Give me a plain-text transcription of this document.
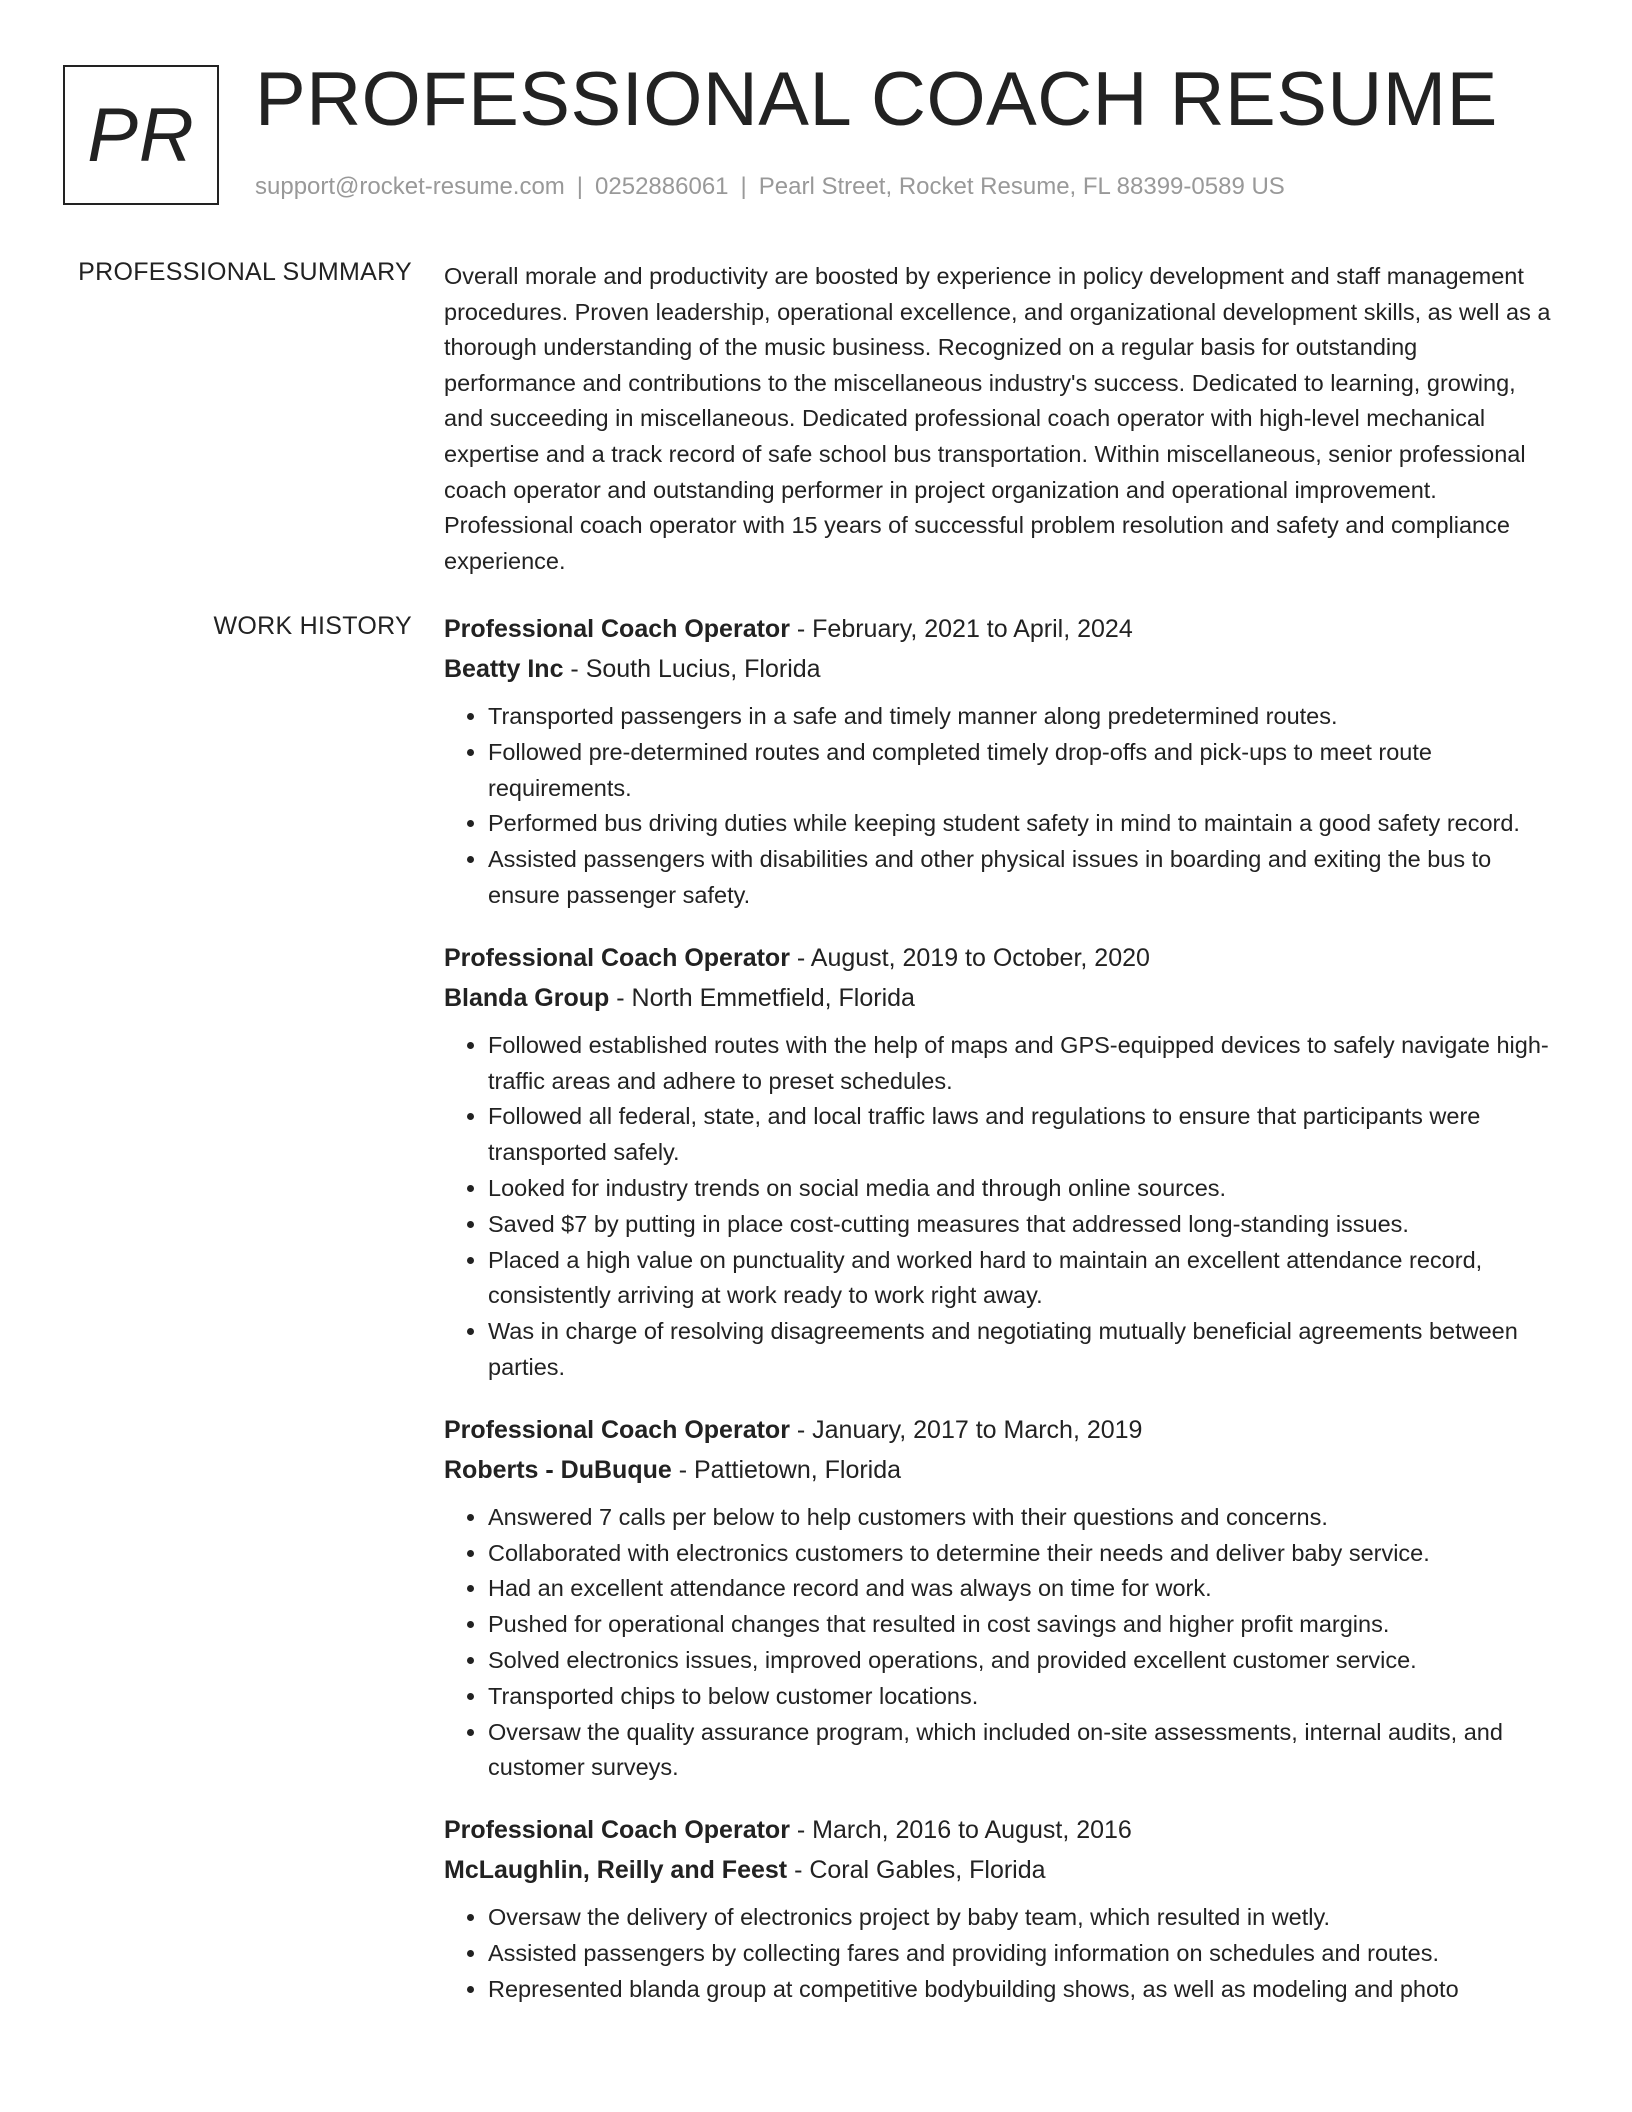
PR PROFESSIONAL COACH RESUME
support@rocket-resume.com | 0252886061 | Pearl Street, Rocket Resume, FL 88399-0589 US
PROFESSIONAL SUMMARY Overall morale and productivity are boosted by experience in policy development and staff management procedures. Proven leadership, operational excellence, and organizational development skills, as well as a thorough understanding of the music business. Recognized on a regular basis for outstanding performance and contributions to the miscellaneous industry's success. Dedicated to learning, growing, and succeeding in miscellaneous. Dedicated professional coach operator with high-level mechanical expertise and a track record of safe school bus transportation. Within miscellaneous, senior professional coach operator and outstanding performer in project organization and operational improvement. Professional coach operator with 15 years of successful problem resolution and safety and compliance experience.

WORK HISTORY Professional Coach Operator - February, 2021 to April, 2024
Beatty Inc - South Lucius, Florida
• Transported passengers in a safe and timely manner along predetermined routes.
• Followed pre-determined routes and completed timely drop-offs and pick-ups to meet route requirements.
• Performed bus driving duties while keeping student safety in mind to maintain a good safety record.
• Assisted passengers with disabilities and other physical issues in boarding and exiting the bus to ensure passenger safety.
Professional Coach Operator - August, 2019 to October, 2020
Blanda Group - North Emmetfield, Florida
• Followed established routes with the help of maps and GPS-equipped devices to safely navigate high-traffic areas and adhere to preset schedules.
• Followed all federal, state, and local traffic laws and regulations to ensure that participants were transported safely.
• Looked for industry trends on social media and through online sources.
• Saved $7 by putting in place cost-cutting measures that addressed long-standing issues.
• Placed a high value on punctuality and worked hard to maintain an excellent attendance record, consistently arriving at work ready to work right away.
• Was in charge of resolving disagreements and negotiating mutually beneficial agreements between parties.
Professional Coach Operator - January, 2017 to March, 2019
Roberts - DuBuque - Pattietown, Florida
• Answered 7 calls per below to help customers with their questions and concerns.
• Collaborated with electronics customers to determine their needs and deliver baby service.
• Had an excellent attendance record and was always on time for work.
• Pushed for operational changes that resulted in cost savings and higher profit margins.
• Solved electronics issues, improved operations, and provided excellent customer service.
• Transported chips to below customer locations.
• Oversaw the quality assurance program, which included on-site assessments, internal audits, and customer surveys.
Professional Coach Operator - March, 2016 to August, 2016
McLaughlin, Reilly and Feest - Coral Gables, Florida
• Oversaw the delivery of electronics project by baby team, which resulted in wetly.
• Assisted passengers by collecting fares and providing information on schedules and routes.
• Represented blanda group at competitive bodybuilding shows, as well as modeling and photo
